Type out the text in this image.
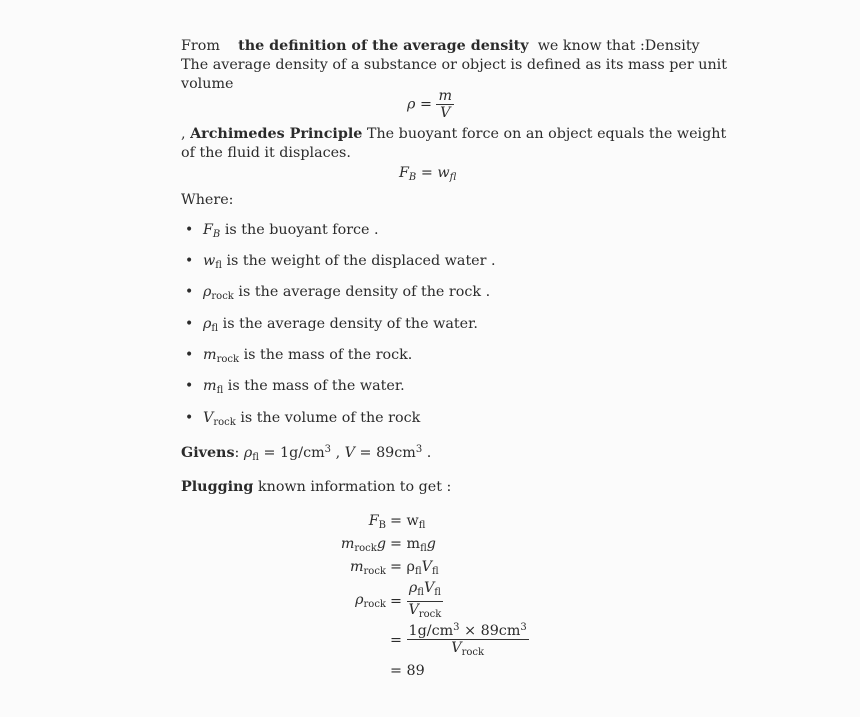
From the definition of the average density we know that :Density
The average density of a substance or object is defined as its mass per unit
volume
$\rho = \frac{m}{V}$
, Archimedes Principle The buoyant force on an object equals the weight
of the fluid it displaces.
$F_B = w_{fl}$
Where:
• $F_B$ is the buoyant force .
• $w_{fl}$ is the weight of the displaced water .
• $\rho_{rock}$ is the average density of the rock .
• $\rho_{fl}$ is the average density of the water.
• $m_{rock}$ is the mass of the rock.
• $m_{fl}$ is the mass of the water.
• $V_{rock}$ is the volume of the rock
Givens: $\rho_{fl} = 1g/cm^3$ , $V = 89cm^3$ .
Plugging known information to get :
$F_B = w_{fl}$
$m_{rock}g = m_{fl}g$
$m_{rock} = \rho_{fl}V_{fl}$
$\rho_{rock} = \frac{\rho_{fl}V_{fl}}{V_{rock}}$
= $\frac{1g/cm^3 \times 89cm^3}{V_{rock}}$
= 89
